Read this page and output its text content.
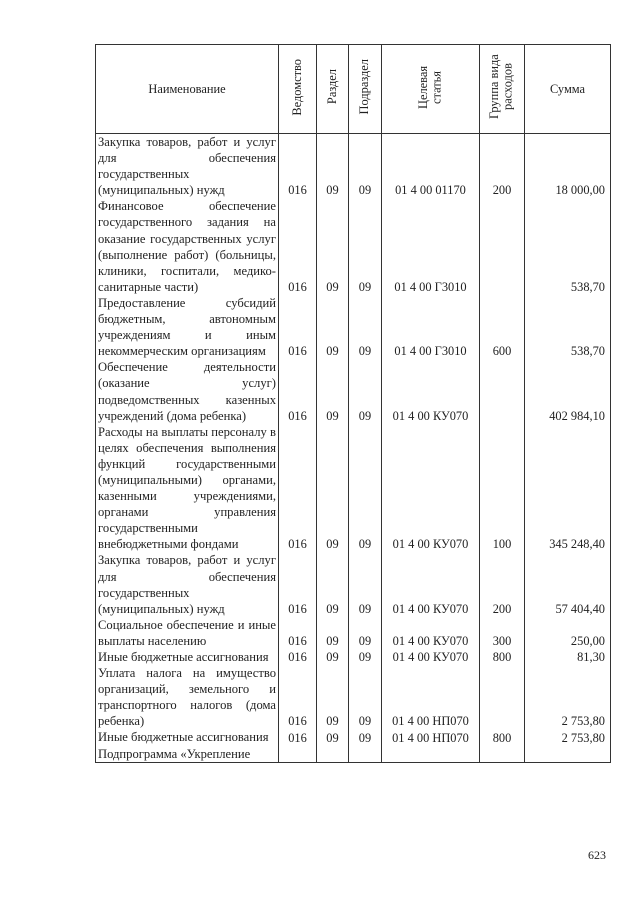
Наименование	Ведомство	Раздел	Подраздел	Целевая статья	Группа вида расходов	Сумма
Закупка товаров, работ и услуг для обеспечения государственных (муниципальных) нужд	016	09	09	01 4 00 01170	200	18 000,00
Финансовое обеспечение государственного задания на оказание государственных услуг (выполнение работ) (больницы, клиники, госпитали, медико-санитарные части)	016	09	09	01 4 00 Г3010		538,70
Предоставление субсидий бюджетным, автономным учреждениям и иным некоммерческим организациям	016	09	09	01 4 00 Г3010	600	538,70
Обеспечение деятельности (оказание услуг) подведомственных казенных учреждений (дома ребенка)	016	09	09	01 4 00 КУ070		402 984,10
Расходы на выплаты персоналу в целях обеспечения выполнения функций государственными (муниципальными) органами, казенными учреждениями, органами управления государственными внебюджетными фондами	016	09	09	01 4 00 КУ070	100	345 248,40
Закупка товаров, работ и услуг для обеспечения государственных (муниципальных) нужд	016	09	09	01 4 00 КУ070	200	57 404,40
Социальное обеспечение и иные выплаты населению	016	09	09	01 4 00 КУ070	300	250,00
Иные бюджетные ассигнования	016	09	09	01 4 00 КУ070	800	81,30
Уплата налога на имущество организаций, земельного и транспортного налогов (дома ребенка)	016	09	09	01 4 00 НП070		2 753,80
Иные бюджетные ассигнования	016	09	09	01 4 00 НП070	800	2 753,80
Подпрограмма «Укрепление						
623
